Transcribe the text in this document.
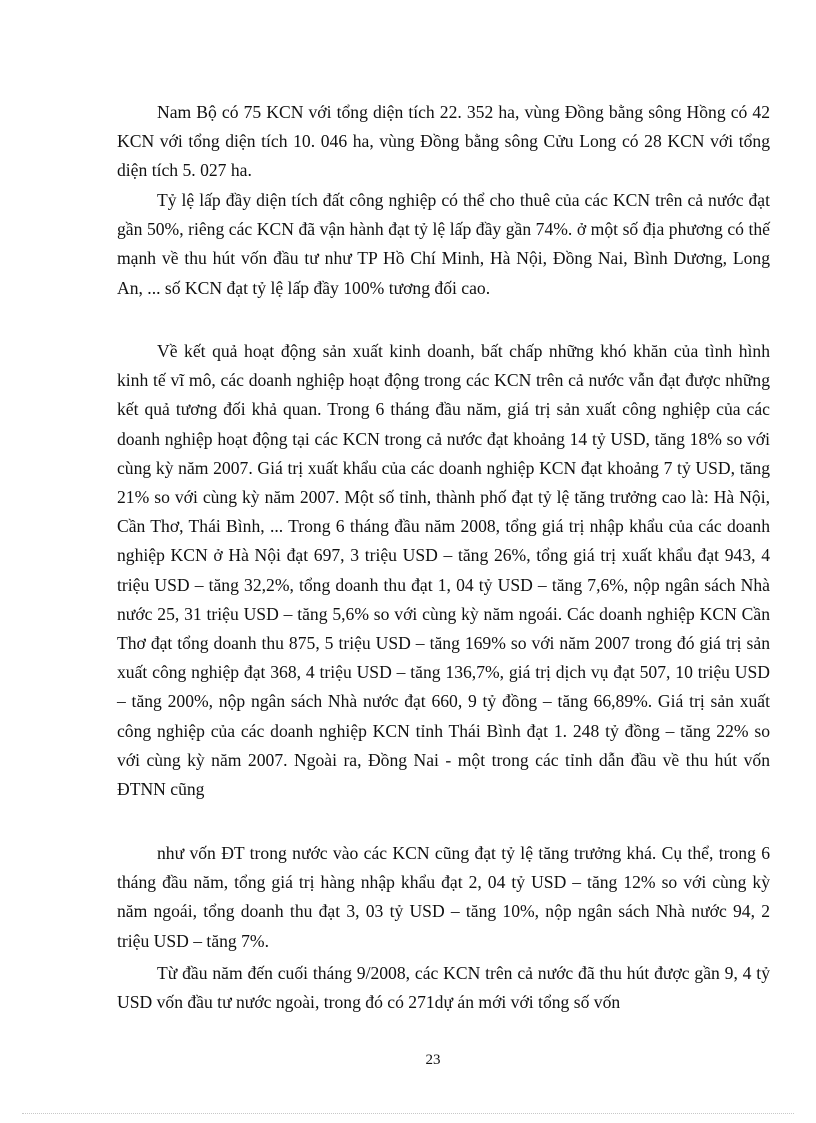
Nam Bộ có 75 KCN với tổng diện tích 22. 352 ha, vùng Đồng bằng sông Hồng có 42 KCN với tổng diện tích 10. 046 ha, vùng Đồng bằng sông Cửu Long có 28 KCN với tổng diện tích 5. 027 ha.

Tỷ lệ lấp đầy diện tích đất công nghiệp có thể cho thuê của các KCN trên cả nước đạt gần 50%, riêng các KCN đã vận hành đạt tỷ lệ lấp đầy gần 74%. ở một số địa phương có thế mạnh về thu hút vốn đầu tư như TP Hồ Chí Minh, Hà Nội, Đồng Nai, Bình Dương, Long An, ... số KCN đạt tỷ lệ lấp đầy 100% tương đối cao.

Về kết quả hoạt động sản xuất kinh doanh, bất chấp những khó khăn của tình hình kinh tế vĩ mô, các doanh nghiệp hoạt động trong các KCN trên cả nước vẫn đạt được những kết quả tương đối khả quan. Trong 6 tháng đầu năm, giá trị sản xuất công nghiệp của các doanh nghiệp hoạt động tại các KCN trong cả nước đạt khoảng 14 tỷ USD, tăng 18% so với cùng kỳ năm 2007. Giá trị xuất khẩu của các doanh nghiệp KCN đạt khoảng 7 tỷ USD, tăng 21% so với cùng kỳ năm 2007. Một số tỉnh, thành phố đạt tỷ lệ tăng trưởng cao là: Hà Nội, Cần Thơ, Thái Bình, ... Trong 6 tháng đầu năm 2008, tổng giá trị nhập khẩu của các doanh nghiệp KCN ở Hà Nội đạt 697, 3 triệu USD – tăng 26%, tổng giá trị xuất khẩu đạt 943, 4 triệu USD – tăng 32,2%, tổng doanh thu đạt 1, 04 tỷ USD – tăng 7,6%, nộp ngân sách Nhà nước 25, 31 triệu USD – tăng 5,6% so với cùng kỳ năm ngoái. Các doanh nghiệp KCN Cần Thơ đạt tổng doanh thu 875, 5 triệu USD – tăng 169% so với năm 2007 trong đó giá trị sản xuất công nghiệp đạt 368, 4 triệu USD – tăng 136,7%, giá trị dịch vụ đạt 507, 10 triệu USD – tăng 200%, nộp ngân sách Nhà nước đạt 660, 9 tỷ đồng – tăng 66,89%. Giá trị sản xuất công nghiệp của các doanh nghiệp KCN tỉnh Thái Bình đạt 1. 248 tỷ đồng – tăng 22% so với cùng kỳ năm 2007. Ngoài ra, Đồng Nai - một trong các tỉnh dẫn đầu về thu hút vốn ĐTNN cũng

như vốn ĐT trong nước vào các KCN cũng đạt tỷ lệ tăng trưởng khá. Cụ thể, trong 6 tháng đầu năm, tổng giá trị hàng nhập khẩu đạt 2, 04 tỷ USD – tăng 12% so với cùng kỳ năm ngoái, tổng doanh thu đạt 3, 03 tỷ USD – tăng 10%, nộp ngân sách Nhà nước 94, 2 triệu USD – tăng 7%.

Từ đầu năm đến cuối tháng 9/2008, các KCN trên cả nước đã thu hút được gần 9, 4 tỷ USD vốn đầu tư nước ngoài, trong đó có 271dự án mới với tổng số vốn

23
